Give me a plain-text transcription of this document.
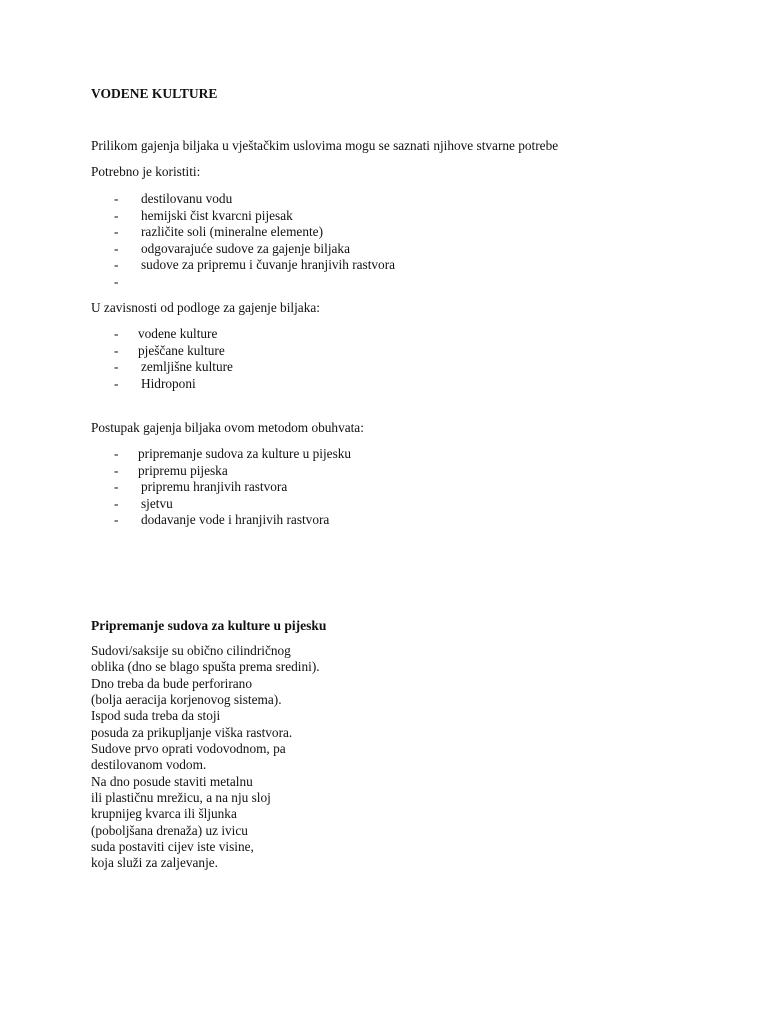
VODENE KULTURE
Prilikom gajenja biljaka u vještačkim uslovima mogu se saznati njihove stvarne potrebe
Potrebno je koristiti:
- destilovanu vodu
- hemijski čist kvarcni pijesak
- različite soli (mineralne elemente)
- odgovarajuće sudove za gajenje biljaka
- sudove za pripremu i čuvanje hranjivih rastvora
-
U zavisnosti od podloge za gajenje biljaka:
- vodene kulture
- pješčane kulture
- zemljišne kulture
- Hidroponi
Postupak gajenja biljaka ovom metodom obuhvata:
- pripremanje sudova za kulture u pijesku
- pripremu pijeska
- pripremu hranjivih rastvora
- sjetvu
- dodavanje vode i hranjivih rastvora
Pripremanje sudova za kulture u pijesku
Sudovi/saksije su obično cilindričnog
oblika (dno se blago spušta prema sredini).
Dno treba da bude perforirano
(bolja aeracija korjenovog sistema).
Ispod suda treba da stoji
posuda za prikupljanje viška rastvora.
Sudove prvo oprati vodovodnom, pa
destilovanom vodom.
Na dno posude staviti metalnu
ili plastičnu mrežicu, a na nju sloj
krupnijeg kvarca ili šljunka
(poboljšana drenaža) uz ivicu
suda postaviti cijev iste visine,
koja služi za zaljevanje.
